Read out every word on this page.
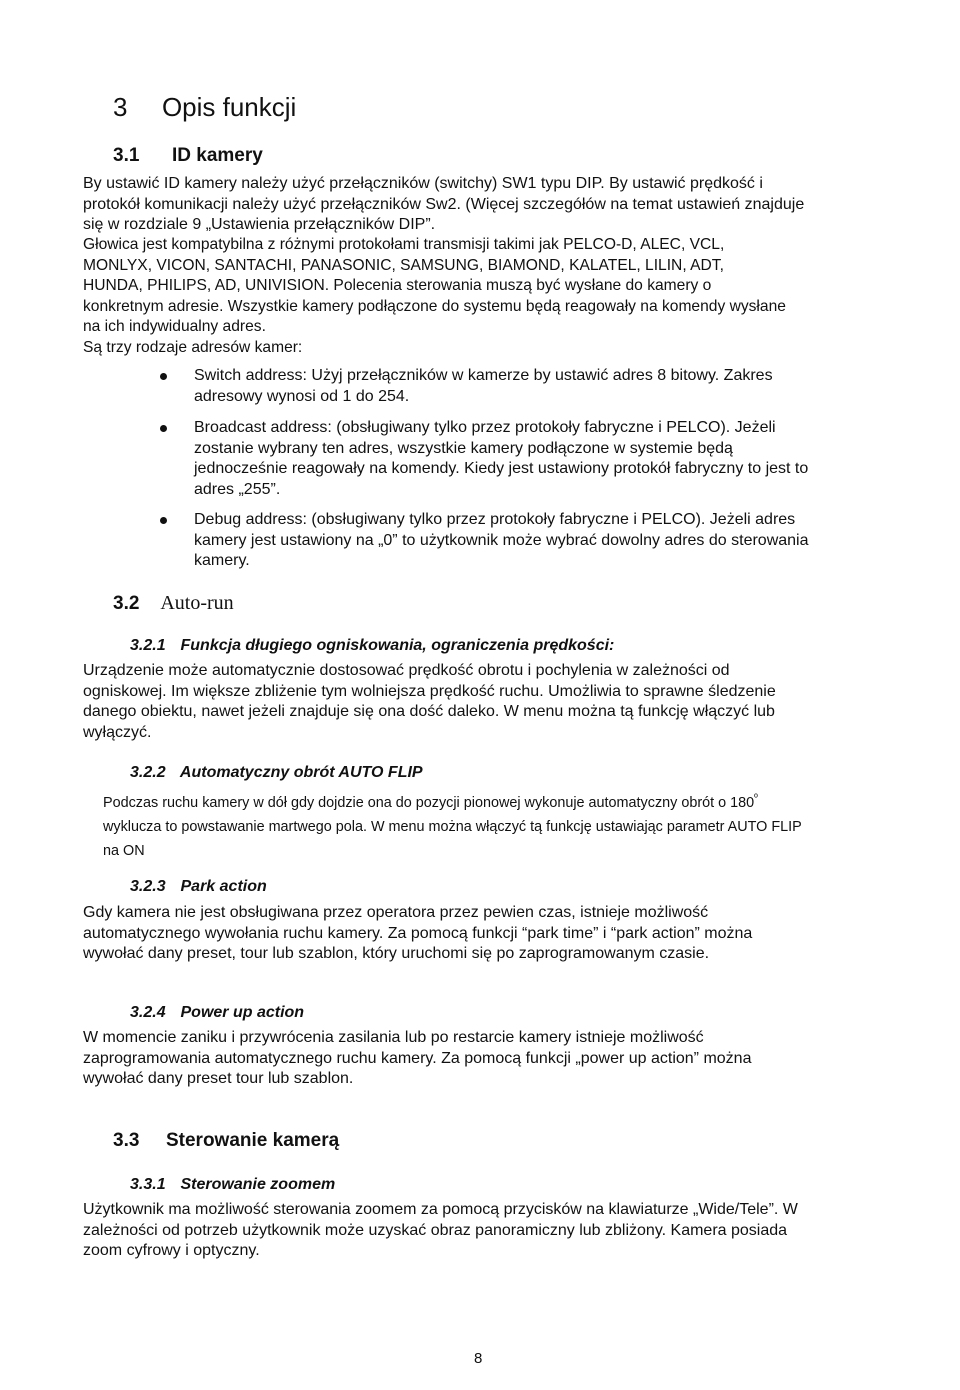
3 Opis funkcji
3.1 ID kamery
By ustawić ID kamery należy użyć przełączników (switchy) SW1 typu DIP. By ustawić prędkość i
protokół komunikacji należy użyć przełączników Sw2. (Więcej szczegółów na temat ustawień znajduje
się w rozdziale 9 „Ustawienia przełączników DIP”.
Głowica jest kompatybilna z różnymi protokołami transmisji takimi jak PELCO-D, ALEC, VCL,
MONLYX, VICON, SANTACHI, PANASONIC, SAMSUNG, BIAMOND, KALATEL, LILIN, ADT,
HUNDA, PHILIPS, AD, UNIVISION. Polecenia sterowania muszą być wysłane do kamery o
konkretnym adresie. Wszystkie kamery podłączone do systemu będą reagowały na komendy wysłane
na ich indywidualny adres.
Są trzy rodzaje adresów kamer:
Switch address: Użyj przełączników w kamerze by ustawić adres 8 bitowy. Zakres
adresowy wynosi od 1 do 254.
Broadcast address: (obsługiwany tylko przez protokoły fabryczne i PELCO). Jeżeli
zostanie wybrany ten adres, wszystkie kamery podłączone w systemie będą
jednocześnie reagowały na komendy. Kiedy jest ustawiony protokół fabryczny to jest to
adres „255”.
Debug address: (obsługiwany tylko przez protokoły fabryczne i PELCO). Jeżeli adres
kamery jest ustawiony na „0” to użytkownik może wybrać dowolny adres do sterowania
kamery.
3.2 Auto-run
3.2.1 Funkcja długiego ogniskowania, ograniczenia prędkości:
Urządzenie może automatycznie dostosować prędkość obrotu i pochylenia w zależności od
ogniskowej. Im większe zbliżenie tym wolniejsza prędkość ruchu. Umożliwia to sprawne śledzenie
danego obiektu, nawet jeżeli znajduje się ona dość daleko. W menu można tą funkcję włączyć lub
wyłączyć.
3.2.2 Automatyczny obrót AUTO FLIP
Podczas ruchu kamery w dół gdy dojdzie ona do pozycji pionowej wykonuje automatyczny obrót o $180^º$
wyklucza to powstawanie martwego pola. W menu można włączyć tą funkcję ustawiając parametr AUTO FLIP
na ON
3.2.3 Park action
Gdy kamera nie jest obsługiwana przez operatora przez pewien czas, istnieje możliwość
automatycznego wywołania ruchu kamery. Za pomocą funkcji “park time” i “park action” można
wywołać dany preset, tour lub szablon, który uruchomi się po zaprogramowanym czasie.
3.2.4 Power up action
W momencie zaniku i przywrócenia zasilania lub po restarcie kamery istnieje możliwość
zaprogramowania automatycznego ruchu kamery. Za pomocą funkcji „power up action” można
wywołać dany preset tour lub szablon.
3.3 Sterowanie kamerą
3.3.1 Sterowanie zoomem
Użytkownik ma możliwość sterowania zoomem za pomocą przycisków na klawiaturze „Wide/Tele”. W
zależności od potrzeb użytkownik może uzyskać obraz panoramiczny lub zbliżony. Kamera posiada
zoom cyfrowy i optyczny.
8
